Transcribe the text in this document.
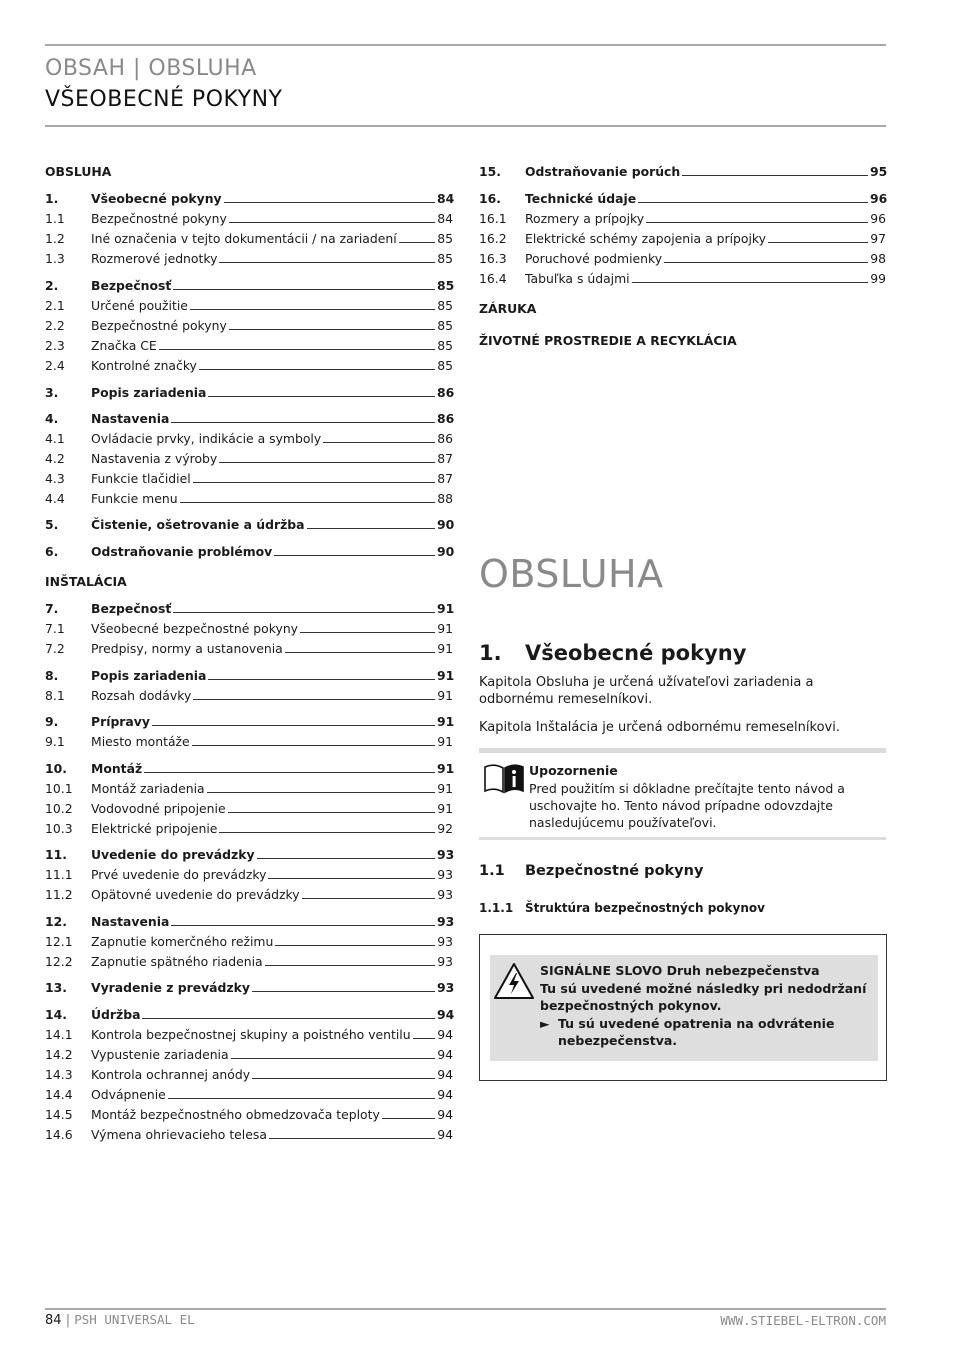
OBSAH | OBSLUHA
VŠEOBECNÉ POKYNY
OBSLUHA
INŠTALÁCIA
1.	Všeobecné pokyny	84
1.1	Bezpečnostné pokyny	84
1.2	Iné označenia v tejto dokumentácii / na zariadení	85
1.3	Rozmerové jednotky	85
2.	Bezpečnosť	85
2.1	Určené použitie	85
2.2	Bezpečnostné pokyny	85
2.3	Značka CE	85
2.4	Kontrolné značky	85
3.	Popis zariadenia	86
4.	Nastavenia	86
4.1	Ovládacie prvky, indikácie a symboly	86
4.2	Nastavenia z výroby	87
4.3	Funkcie tlačidiel	87
4.4	Funkcie menu	88
5.	Čistenie, ošetrovanie a údržba	90
6.	Odstraňovanie problémov	90
7.	Bezpečnosť	91
7.1	Všeobecné bezpečnostné pokyny	91
7.2	Predpisy, normy a ustanovenia	91
8.	Popis zariadenia	91
8.1	Rozsah dodávky	91
9.	Prípravy	91
9.1	Miesto montáže	91
10.	Montáž	91
10.1	Montáž zariadenia	91
10.2	Vodovodné pripojenie	91
10.3	Elektrické pripojenie	92
11.	Uvedenie do prevádzky	93
11.1	Prvé uvedenie do prevádzky	93
11.2	Opätovné uvedenie do prevádzky	93
12.	Nastavenia	93
12.1	Zapnutie komerčného režimu	93
12.2	Zapnutie spätného riadenia	93
13.	Vyradenie z prevádzky	93
14.	Údržba	94
14.1	Kontrola bezpečnostnej skupiny a poistného ventilu 94
14.2	Vypustenie zariadenia	94
14.3	Kontrola ochrannej anódy	94
14.4	Odvápnenie	94
14.5	Montáž bezpečnostného obmedzovača teploty	94
14.6	Výmena ohrievacieho telesa	94
15.	Odstraňovanie porúch	95
16.	Technické údaje	96
16.1	Rozmery a prípojky	96
16.2	Elektrické schémy zapojenia a prípojky	97
16.3	Poruchové podmienky	98
16.4	Tabuľka s údajmi	99
ZÁRUKA
ŽIVOTNÉ PROSTREDIE A RECYKLÁCIA
OBSLUHA
1. Všeobecné pokyny
Kapitola Obsluha je určená užívateľovi zariadenia a odbornému remeselníkovi.
Kapitola Inštalácia je určená odbornému remeselníkovi.
Upozornenie
Pred použitím si dôkladne prečítajte tento návod a uschovajte ho. Tento návod prípadne odovzdajte nasledujúcemu používateľovi.
1.1 Bezpečnostné pokyny
1.1.1 Štruktúra bezpečnostných pokynov
SIGNÁLNE SLOVO Druh nebezpečenstva
Tu sú uvedené možné následky pri nedodržaní bezpečnostných pokynov.
► Tu sú uvedené opatrenia na odvrátenie nebezpečenstva.
84 | PSH UNIVERSAL EL	WWW.STIEBEL-ELTRON.COM
